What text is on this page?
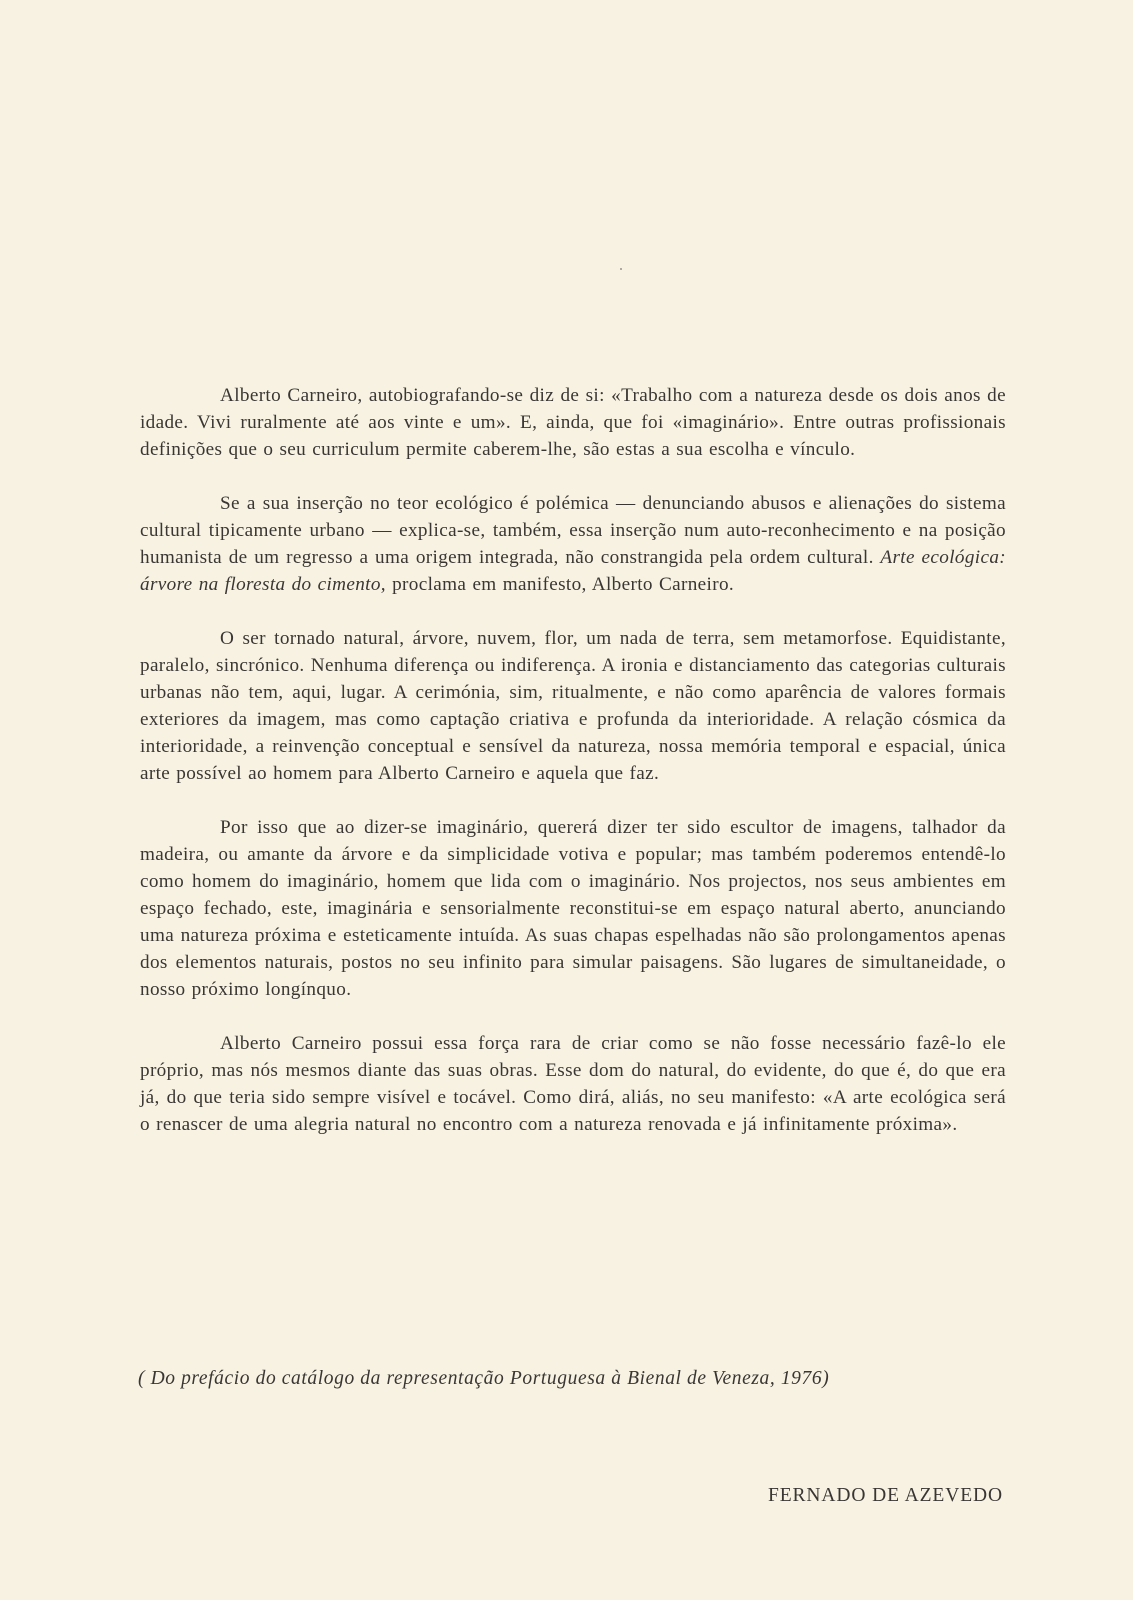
Alberto Carneiro, autobiografando-se diz de si: «Trabalho com a natureza desde os dois anos de idade. Vivi ruralmente até aos vinte e um». E, ainda, que foi «imaginário». Entre outras profissionais definições que o seu curriculum permite caberem-lhe, são estas a sua escolha e vínculo.

Se a sua inserção no teor ecológico é polémica — denunciando abusos e alienações do sistema cultural tipicamente urbano — explica-se, também, essa inserção num auto-reconhecimento e na posição humanista de um regresso a uma origem integrada, não constrangida pela ordem cultural. Arte ecológica: árvore na floresta do cimento, proclama em manifesto, Alberto Carneiro.

O ser tornado natural, árvore, nuvem, flor, um nada de terra, sem metamorfose. Equidistante, paralelo, sincrónico. Nenhuma diferença ou indiferença. A ironia e distanciamento das categorias culturais urbanas não tem, aqui, lugar. A cerimónia, sim, ritualmente, e não como aparência de valores formais exteriores da imagem, mas como captação criativa e profunda da interioridade. A relação cósmica da interioridade, a reinvenção conceptual e sensível da natureza, nossa memória temporal e espacial, única arte possível ao homem para Alberto Carneiro e aquela que faz.

Por isso que ao dizer-se imaginário, quererá dizer ter sido escultor de imagens, talhador da madeira, ou amante da árvore e da simplicidade votiva e popular; mas também poderemos entendê-lo como homem do imaginário, homem que lida com o imaginário. Nos projectos, nos seus ambientes em espaço fechado, este, imaginária e sensorialmente reconstitui-se em espaço natural aberto, anunciando uma natureza próxima e esteticamente intuída. As suas chapas espelhadas não são prolongamentos apenas dos elementos naturais, postos no seu infinito para simular paisagens. São lugares de simultaneidade, o nosso próximo longínquo.

Alberto Carneiro possui essa força rara de criar como se não fosse necessário fazê-lo ele próprio, mas nós mesmos diante das suas obras. Esse dom do natural, do evidente, do que é, do que era já, do que teria sido sempre visível e tocável. Como dirá, aliás, no seu manifesto: «A arte ecológica será o renascer de uma alegria natural no encontro com a natureza renovada e já infinitamente próxima».

( Do prefácio do catálogo da representação Portuguesa à Bienal de Veneza, 1976)
FERNADO DE AZEVEDO
